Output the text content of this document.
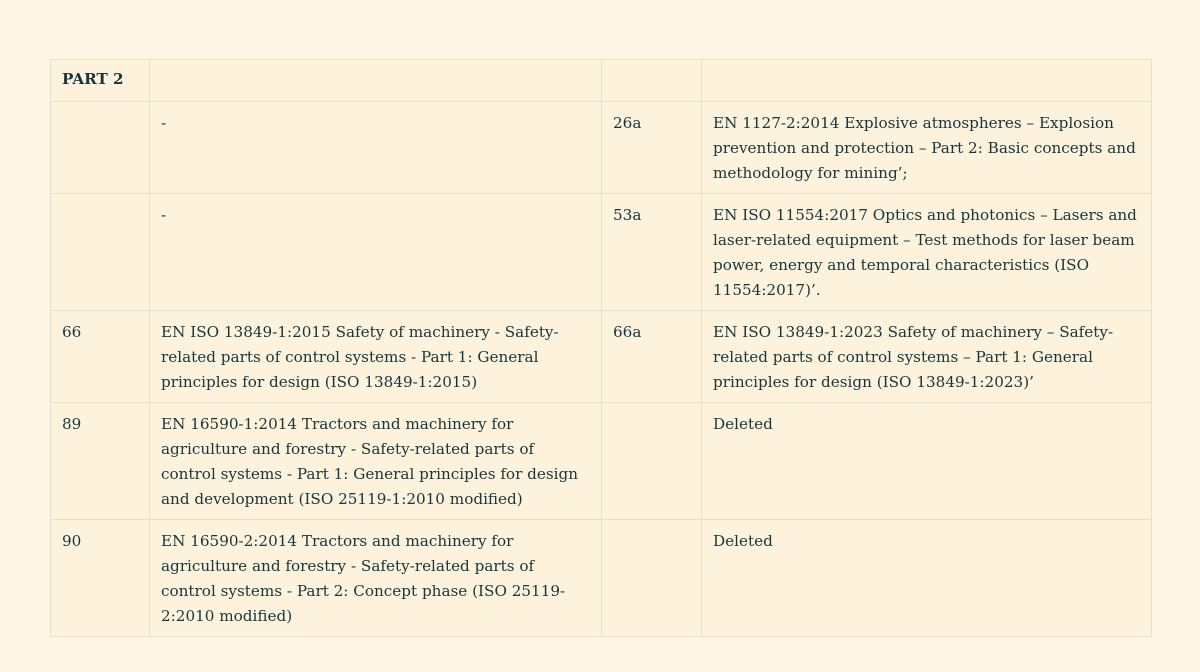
PART 2			
	-	26a	EN 1127-2:2014 Explosive atmospheres – Explosion prevention and protection – Part 2: Basic concepts and methodology for mining’;
	-	53a	EN ISO 11554:2017 Optics and photonics – Lasers and laser-related equipment – Test methods for laser beam power, energy and temporal characteristics (ISO 11554:2017)’.
66	EN ISO 13849-1:2015 Safety of machinery - Safety-related parts of control systems - Part 1: General principles for design (ISO 13849-1:2015)	66a	EN ISO 13849-1:2023 Safety of machinery – Safety-related parts of control systems – Part 1: General principles for design (ISO 13849-1:2023)’
89	EN 16590-1:2014 Tractors and machinery for agriculture and forestry - Safety-related parts of control systems - Part 1: General principles for design and development (ISO 25119-1:2010 modified)		Deleted
90	EN 16590-2:2014 Tractors and machinery for agriculture and forestry - Safety-related parts of control systems - Part 2: Concept phase (ISO 25119-2:2010 modified)		Deleted
